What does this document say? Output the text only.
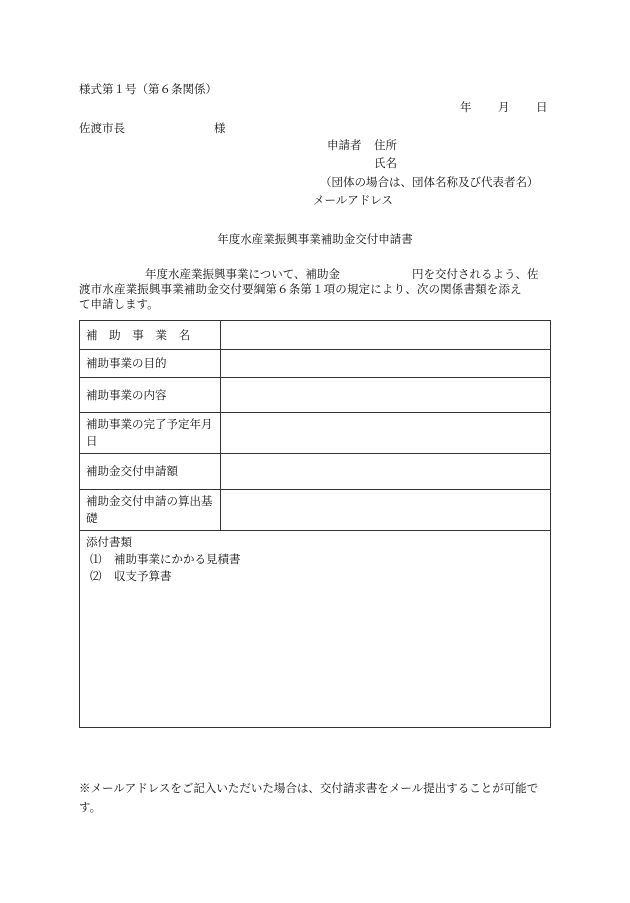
様式第１号（第６条関係）
年 月 日
佐渡市長	様
申請者 住所
氏名
（団体の場合は、団体名称及び代表者名）
メールアドレス
年度水産業振興事業補助金交付申請書
年度水産業振興事業について、補助金	円を交付されるよう、佐
渡市水産業振興事業補助金交付要綱第６条第１項の規定により、次の関係書類を添え
て申請します。
補 助 事 業 名	
補助事業の目的	
補助事業の内容	
補助事業の完了予定年月日	
補助金交付申請額	
補助金交付申請の算出基礎	

添付書類
⑴ 補助事業にかかる見積書
⑵ 収支予算書	
※メールアドレスをご記入いただいた場合は、交付請求書をメール提出することが可能です。
